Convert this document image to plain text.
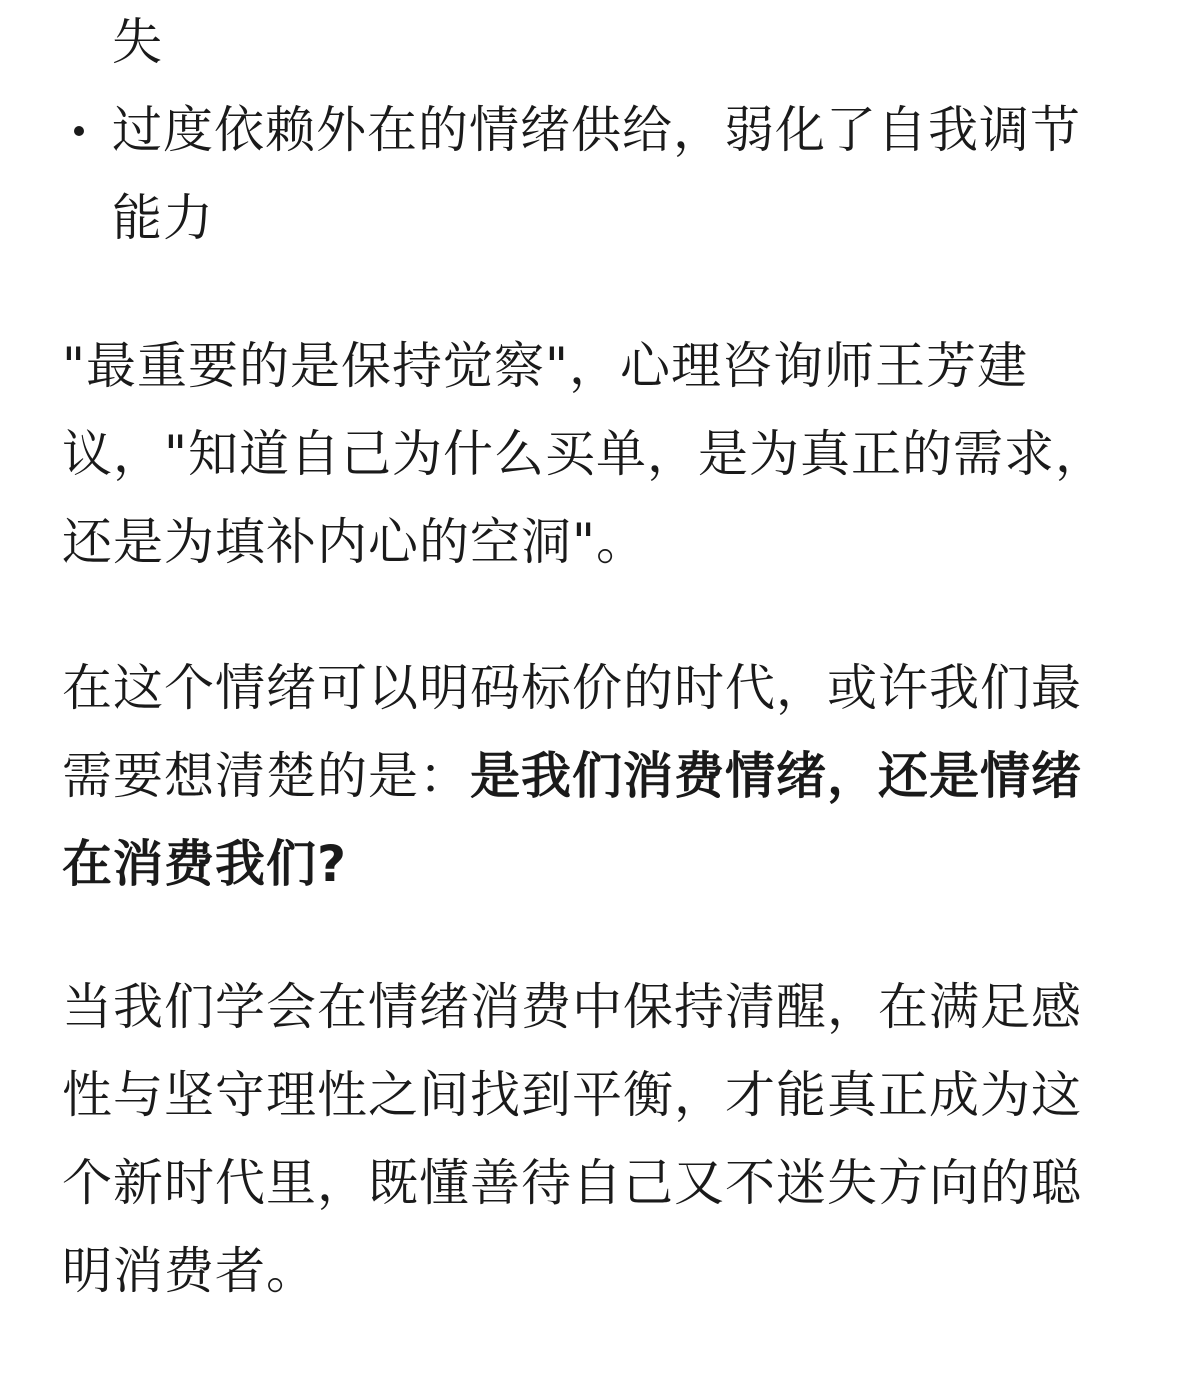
失
过度依赖外在的情绪供给，弱化了自我调节能力

"最重要的是保持觉察"，心理咨询师王芳建议，"知道自己为什么买单，是为真正的需求，还是为填补内心的空洞"。

在这个情绪可以明码标价的时代，或许我们最需要想清楚的是：是我们消费情绪，还是情绪在消费我们?

当我们学会在情绪消费中保持清醒，在满足感性与坚守理性之间找到平衡，才能真正成为这个新时代里，既懂善待自己又不迷失方向的聪明消费者。
